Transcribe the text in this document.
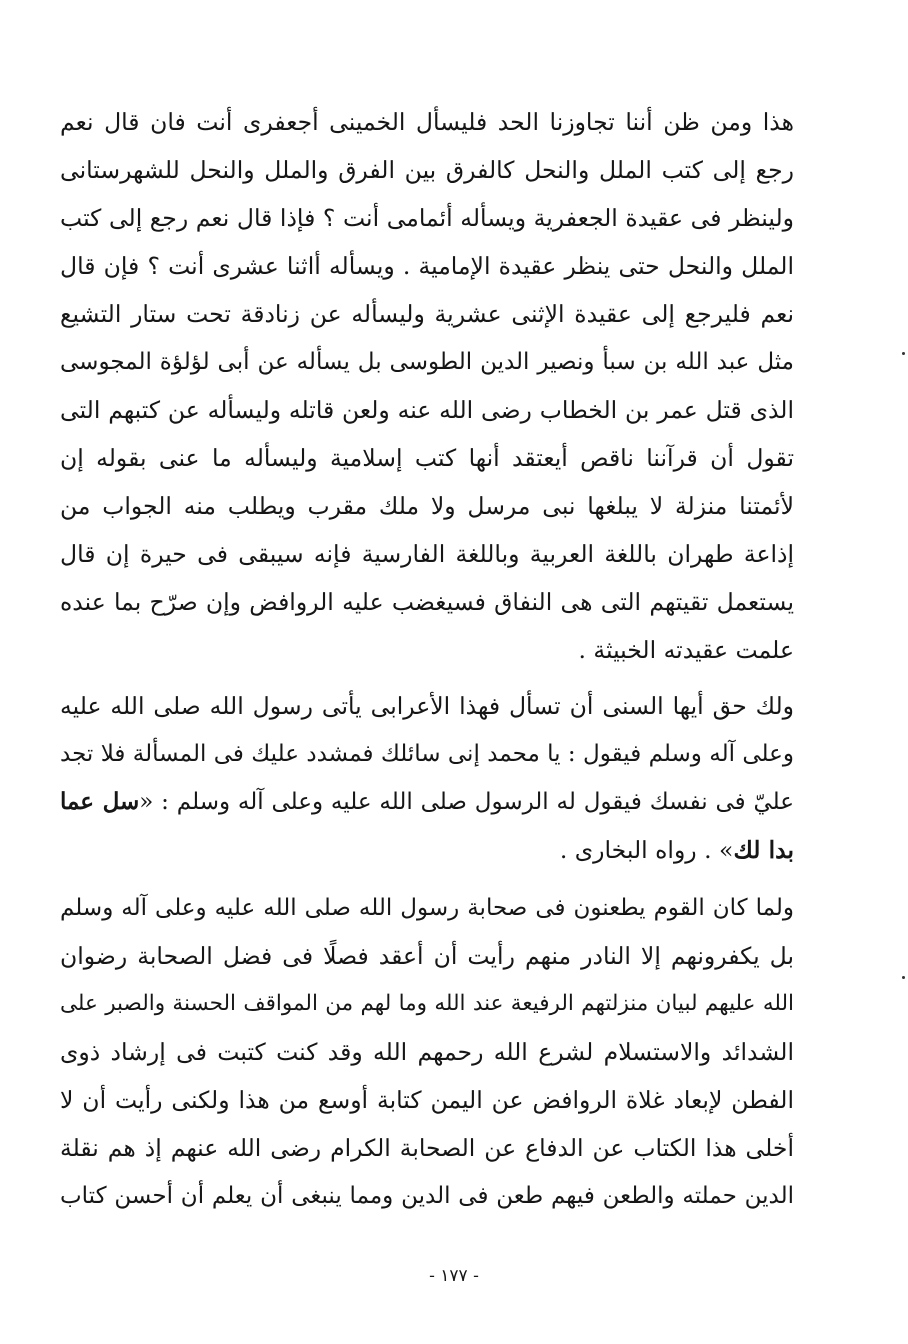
هذا ومن ظن أننا تجاوزنا الحد فليسأل الخمينى أجعفرى أنت فان قال نعم
رجع إلى كتب الملل والنحل كالفرق بين الفرق والملل والنحل للشهرستانى
ولينظر فى عقيدة الجعفرية ويسأله أئمامى أنت ؟ فإذا قال نعم رجع إلى كتب
الملل والنحل حتى ينظر عقيدة الإمامية . ويسأله أاثنا عشرى أنت ؟ فإن قال
نعم فليرجع إلى عقيدة الإثنى عشرية وليسأله عن زنادقة تحت ستار التشيع
مثل عبد الله بن سبأ ونصير الدين الطوسى بل يسأله عن أبى لؤلؤة المجوسى
الذى قتل عمر بن الخطاب رضى الله عنه ولعن قاتله وليسأله عن كتبهم التى
تقول أن قرآننا ناقص أيعتقد أنها كتب إسلامية وليسأله ما عنى بقوله إن
لأئمتنا منزلة لا يبلغها نبى مرسل ولا ملك مقرب ويطلب منه الجواب من
إذاعة طهران باللغة العربية وباللغة الفارسية فإنه سيبقى فى حيرة إن قال
يستعمل تقيتهم التى هى النفاق فسيغضب عليه الروافض وإن صرّح بما عنده
علمت عقيدته الخبيثة .
ولك حق أيها السنى أن تسأل فهذا الأعرابى يأتى رسول الله صلى الله عليه
وعلى آله وسلم فيقول : يا محمد إنى سائلك فمشدد عليك فى المسألة فلا تجد
عليّ فى نفسك فيقول له الرسول صلى الله عليه وعلى آله وسلم : «سل عما
بدا لك» . رواه البخارى .
ولما كان القوم يطعنون فى صحابة رسول الله صلى الله عليه وعلى آله وسلم
بل يكفرونهم إلا النادر منهم رأيت أن أعقد فصلًا فى فضل الصحابة رضوان
الله عليهم لبيان منزلتهم الرفيعة عند الله وما لهم من المواقف الحسنة والصبر على
الشدائد والاستسلام لشرع الله رحمهم الله وقد كنت كتبت فى إرشاد ذوى
الفطن لإبعاد غلاة الروافض عن اليمن كتابة أوسع من هذا ولكنى رأيت أن لا
أخلى هذا الكتاب عن الدفاع عن الصحابة الكرام رضى الله عنهم إذ هم نقلة
الدين حملته والطعن فيهم طعن فى الدين ومما ينبغى أن يعلم أن أحسن كتاب
- ١٧٧ -
